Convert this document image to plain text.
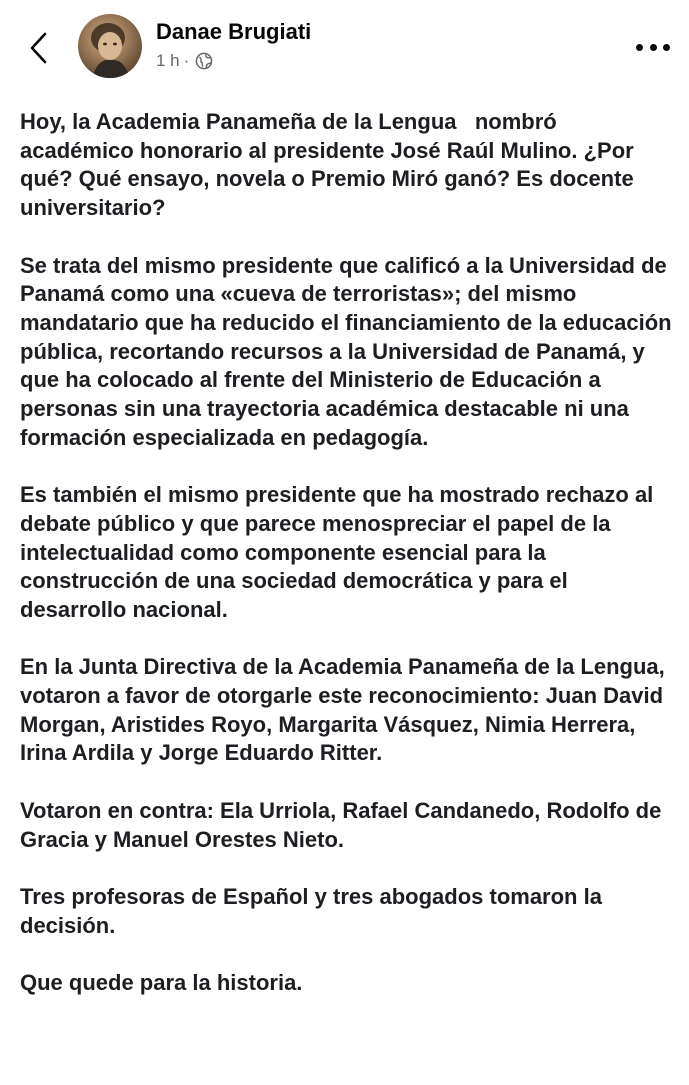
Danae Brugiati
1 h ·

Hoy, la Academia Panameña de la Lengua   nombró académico honorario al presidente José Raúl Mulino. ¿Por qué? Qué ensayo, novela o Premio Miró ganó? Es docente universitario?

Se trata del mismo presidente que calificó a la Universidad de Panamá como una «cueva de terroristas»; del mismo mandatario que ha reducido el financiamiento de la educación pública, recortando recursos a la Universidad de Panamá, y que ha colocado al frente del Ministerio de Educación a personas sin una trayectoria académica destacable ni una formación especializada en pedagogía.

Es también el mismo presidente que ha mostrado rechazo al debate público y que parece menospreciar el papel de la intelectualidad como componente esencial para la construcción de una sociedad democrática y para el desarrollo nacional.

En la Junta Directiva de la Academia Panameña de la Lengua, votaron a favor de otorgarle este reconocimiento: Juan David Morgan, Aristides Royo, Margarita Vásquez, Nimia Herrera, Irina Ardila y Jorge Eduardo Ritter.

Votaron en contra: Ela Urriola, Rafael Candanedo, Rodolfo de Gracia y Manuel Orestes Nieto.

Tres profesoras de Español y tres abogados tomaron la decisión.

Que quede para la historia.
